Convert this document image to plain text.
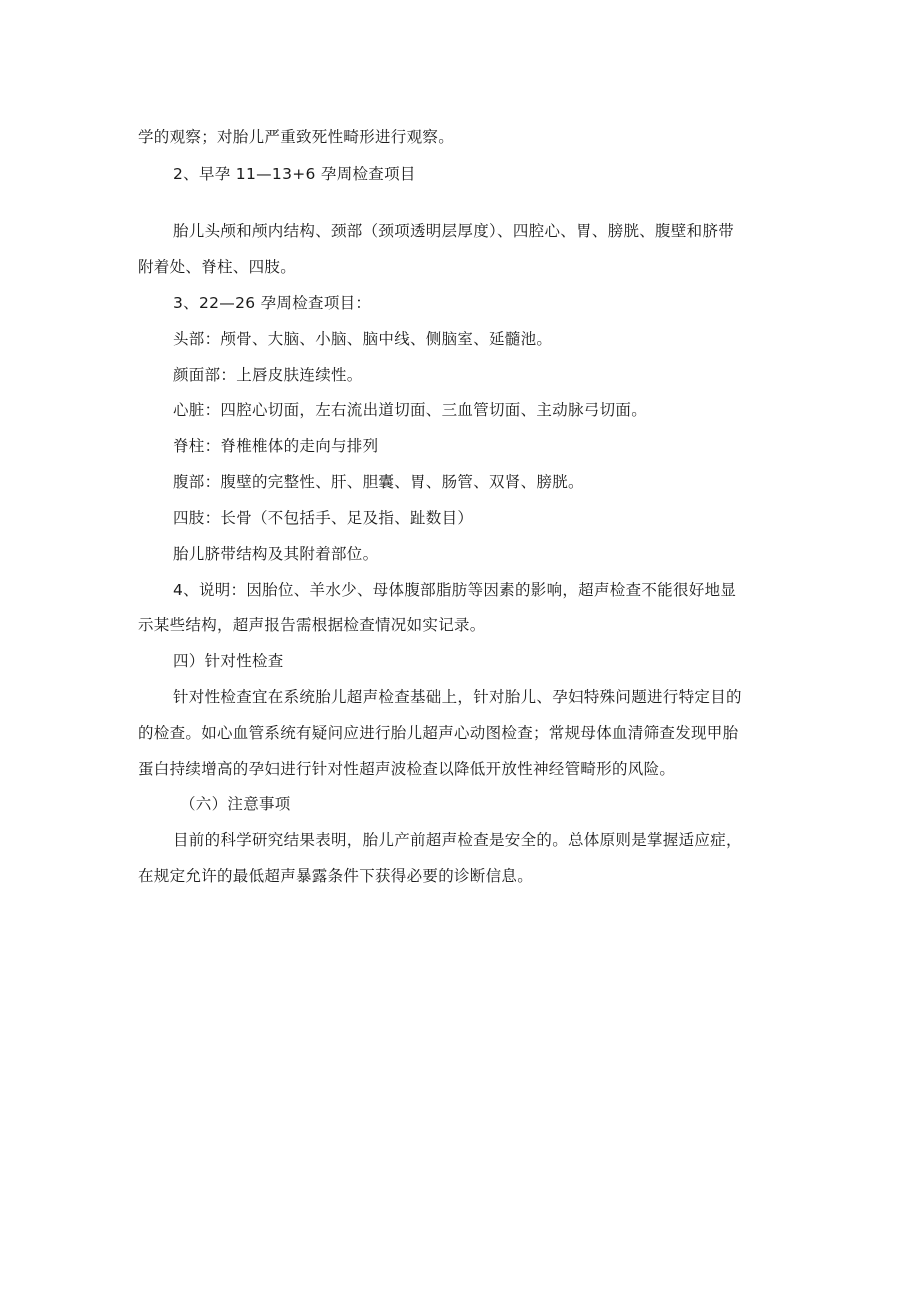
学的观察；对胎儿严重致死性畸形进行观察。
2、早孕 11—13+6 孕周检查项目
胎儿头颅和颅内结构、颈部（颈项透明层厚度）、四腔心、胃、膀胱、腹壁和脐带
附着处、脊柱、四肢。
3、22—26 孕周检查项目：
头部：颅骨、大脑、小脑、脑中线、侧脑室、延髓池。
颜面部：上唇皮肤连续性。
心脏：四腔心切面，左右流出道切面、三血管切面、主动脉弓切面。
脊柱：脊椎椎体的走向与排列
腹部：腹壁的完整性、肝、胆囊、胃、肠管、双肾、膀胱。
四肢：长骨（不包括手、足及指、趾数目）
胎儿脐带结构及其附着部位。
4、说明：因胎位、羊水少、母体腹部脂肪等因素的影响，超声检查不能很好地显
示某些结构，超声报告需根据检查情况如实记录。
四）针对性检查
针对性检查宜在系统胎儿超声检查基础上，针对胎儿、孕妇特殊问题进行特定目的
的检查。如心血管系统有疑问应进行胎儿超声心动图检查；常规母体血清筛查发现甲胎
蛋白持续增高的孕妇进行针对性超声波检查以降低开放性神经管畸形的风险。
（六）注意事项
目前的科学研究结果表明，胎儿产前超声检查是安全的。总体原则是掌握适应症，
在规定允许的最低超声暴露条件下获得必要的诊断信息。
